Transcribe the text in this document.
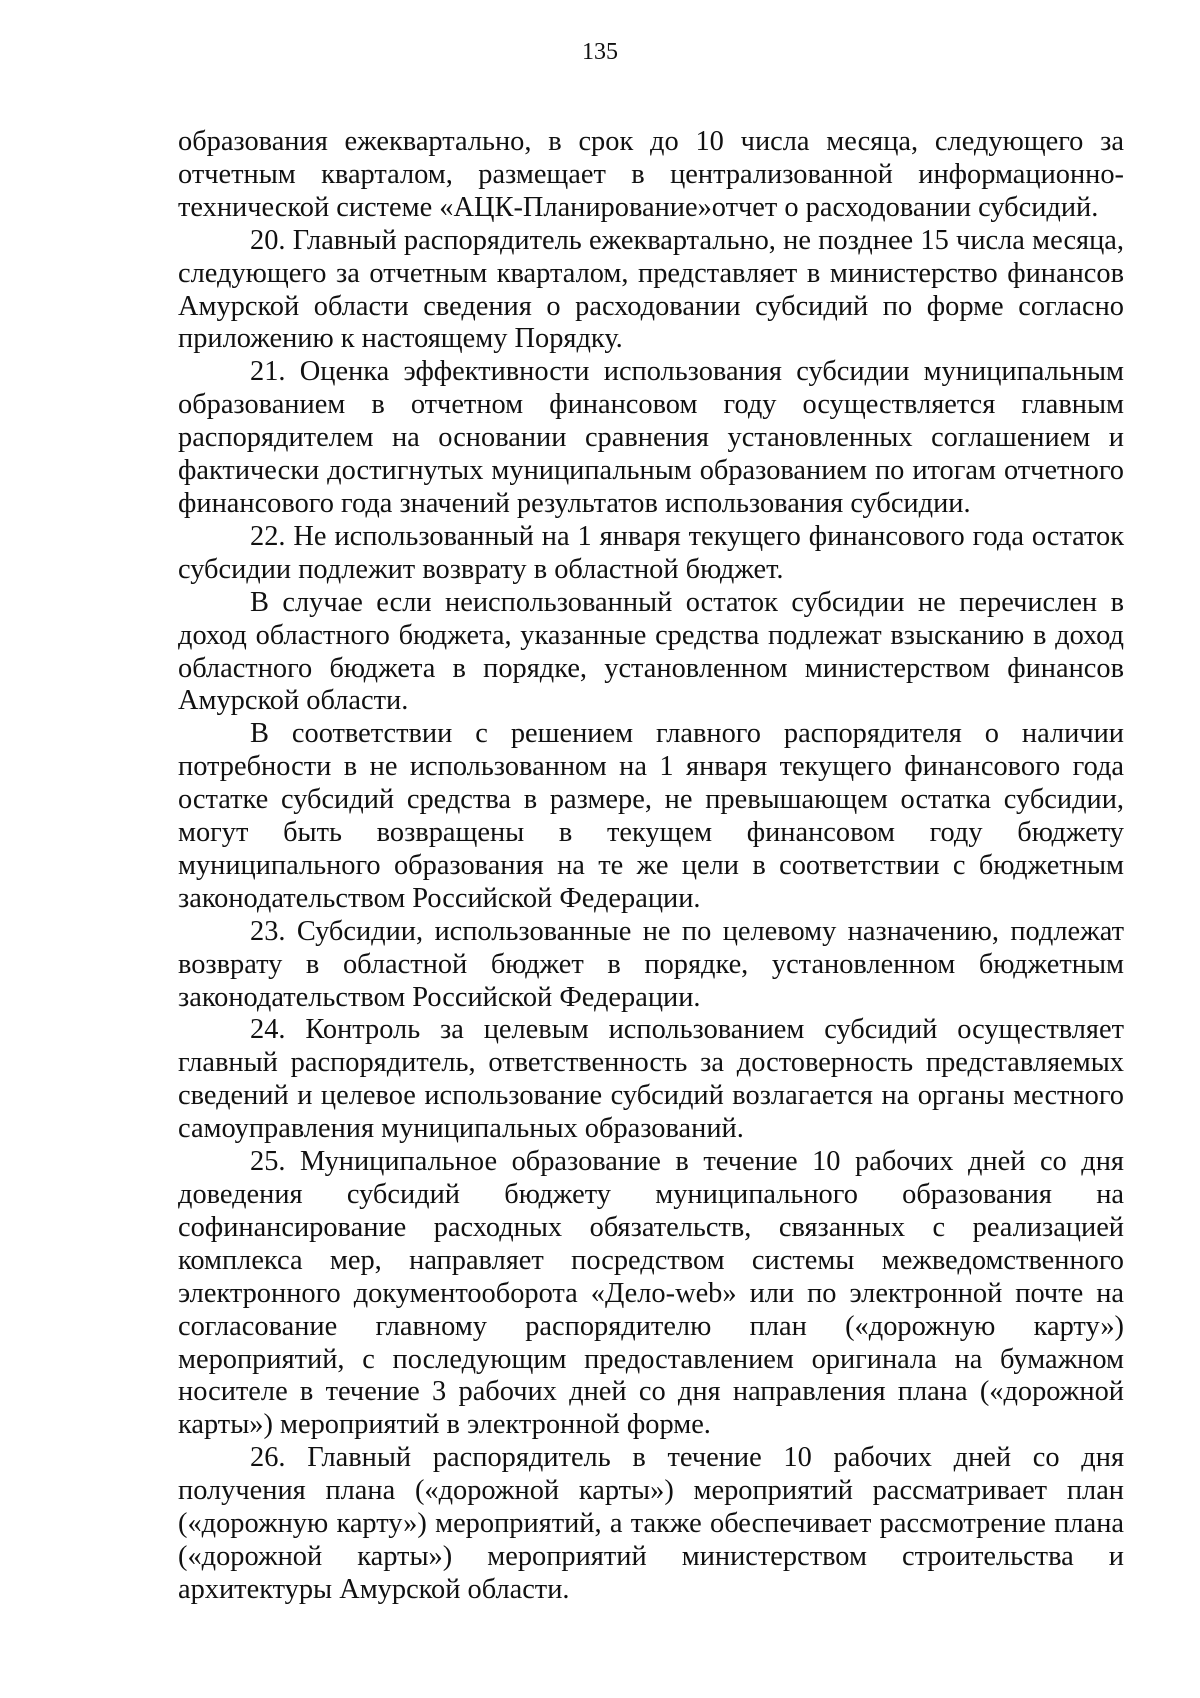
135

образования ежеквартально, в срок до 10 числа месяца, следующего за отчетным кварталом, размещает в централизованной информационно-технической системе «АЦК-Планирование»отчет о расходовании субсидий.

20. Главный распорядитель ежеквартально, не позднее 15 числа месяца, следующего за отчетным кварталом, представляет в министерство финансов Амурской области сведения о расходовании субсидий по форме согласно приложению к настоящему Порядку.

21. Оценка эффективности использования субсидии муниципальным образованием в отчетном финансовом году осуществляется главным распорядителем на основании сравнения установленных соглашением и фактически достигнутых муниципальным образованием по итогам отчетного финансового года значений результатов использования субсидии.

22. Не использованный на 1 января текущего финансового года остаток субсидии подлежит возврату в областной бюджет.

В случае если неиспользованный остаток субсидии не перечислен в доход областного бюджета, указанные средства подлежат взысканию в доход областного бюджета в порядке, установленном министерством финансов Амурской области.

В соответствии с решением главного распорядителя о наличии потребности в не использованном на 1 января текущего финансового года остатке субсидий средства в размере, не превышающем остатка субсидии, могут быть возвращены в текущем финансовом году бюджету муниципального образования на те же цели в соответствии с бюджетным законодательством Российской Федерации.

23. Субсидии, использованные не по целевому назначению, подлежат возврату в областной бюджет в порядке, установленном бюджетным законодательством Российской Федерации.

24. Контроль за целевым использованием субсидий осуществляет главный распорядитель, ответственность за достоверность представляемых сведений и целевое использование субсидий возлагается на органы местного самоуправления муниципальных образований.

25. Муниципальное образование в течение 10 рабочих дней со дня доведения субсидий бюджету муниципального образования на софинансирование расходных обязательств, связанных с реализацией комплекса мер, направляет посредством системы межведомственного электронного документооборота «Дело-web» или по электронной почте на согласование главному распорядителю план («дорожную карту») мероприятий, с последующим предоставлением оригинала на бумажном носителе в течение 3 рабочих дней со дня направления плана («дорожной карты») мероприятий в электронной форме.

26. Главный распорядитель в течение 10 рабочих дней со дня получения плана («дорожной карты») мероприятий рассматривает план («дорожную карту») мероприятий, а также обеспечивает рассмотрение плана («дорожной карты») мероприятий министерством строительства и архитектуры Амурской области.
